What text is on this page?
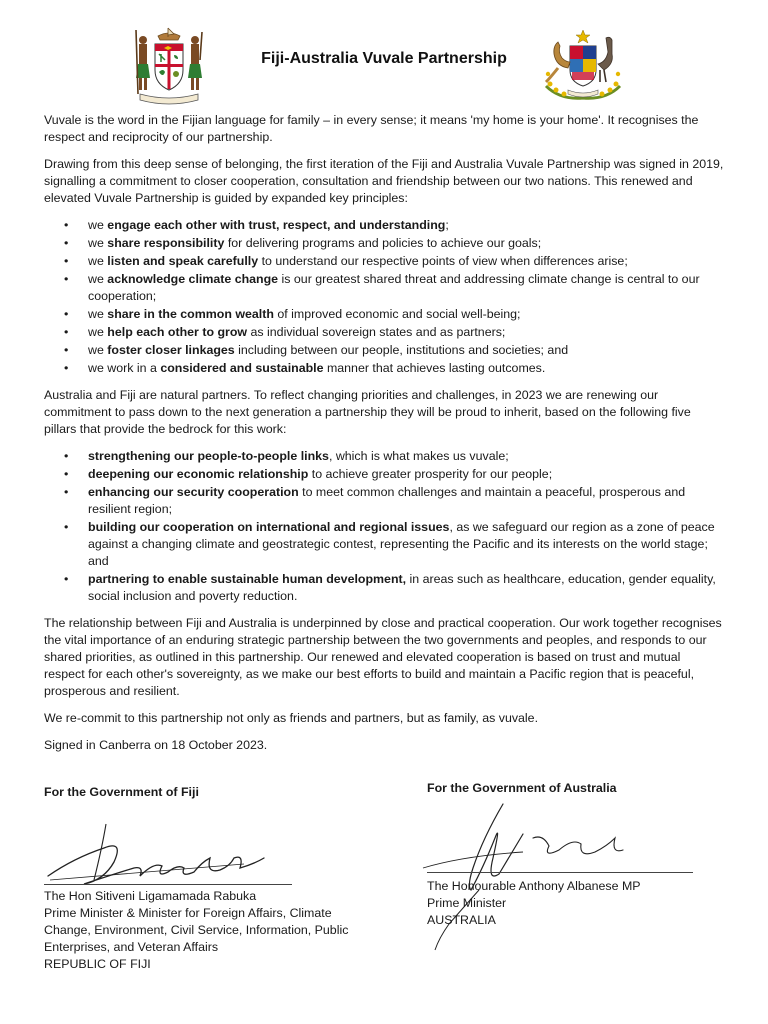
Fiji-Australia Vuvale Partnership

Vuvale is the word in the Fijian language for family – in every sense; it means 'my home is your home'. It recognises the respect and reciprocity of our partnership.

Drawing from this deep sense of belonging, the first iteration of the Fiji and Australia Vuvale Partnership was signed in 2019, signalling a commitment to closer cooperation, consultation and friendship between our two nations. This renewed and elevated Vuvale Partnership is guided by expanded key principles:

• we engage each other with trust, respect, and understanding;
• we share responsibility for delivering programs and policies to achieve our goals;
• we listen and speak carefully to understand our respective points of view when differences arise;
• we acknowledge climate change is our greatest shared threat and addressing climate change is central to our cooperation;
• we share in the common wealth of improved economic and social well-being;
• we help each other to grow as individual sovereign states and as partners;
• we foster closer linkages including between our people, institutions and societies; and
• we work in a considered and sustainable manner that achieves lasting outcomes.

Australia and Fiji are natural partners. To reflect changing priorities and challenges, in 2023 we are renewing our commitment to pass down to the next generation a partnership they will be proud to inherit, based on the following five pillars that provide the bedrock for this work:

• strengthening our people-to-people links, which is what makes us vuvale;
• deepening our economic relationship to achieve greater prosperity for our people;
• enhancing our security cooperation to meet common challenges and maintain a peaceful, prosperous and resilient region;
• building our cooperation on international and regional issues, as we safeguard our region as a zone of peace against a changing climate and geostrategic contest, representing the Pacific and its interests on the world stage; and
• partnering to enable sustainable human development, in areas such as healthcare, education, gender equality, social inclusion and poverty reduction.

The relationship between Fiji and Australia is underpinned by close and practical cooperation. Our work together recognises the vital importance of an enduring strategic partnership between the two governments and peoples, and responds to our shared priorities, as outlined in this partnership. Our renewed and elevated cooperation is based on trust and mutual respect for each other's sovereignty, as we make our best efforts to build and maintain a Pacific region that is peaceful, prosperous and resilient.

We re-commit to this partnership not only as friends and partners, but as family, as vuvale.

Signed in Canberra on 18 October 2023.

For the Government of Fiji
The Hon Sitiveni Ligamamada Rabuka
Prime Minister & Minister for Foreign Affairs, Climate
Change, Environment, Civil Service, Information, Public
Enterprises, and Veteran Affairs
REPUBLIC OF FIJI
For the Government of Australia
The Honourable Anthony Albanese MP
Prime Minister
AUSTRALIA
